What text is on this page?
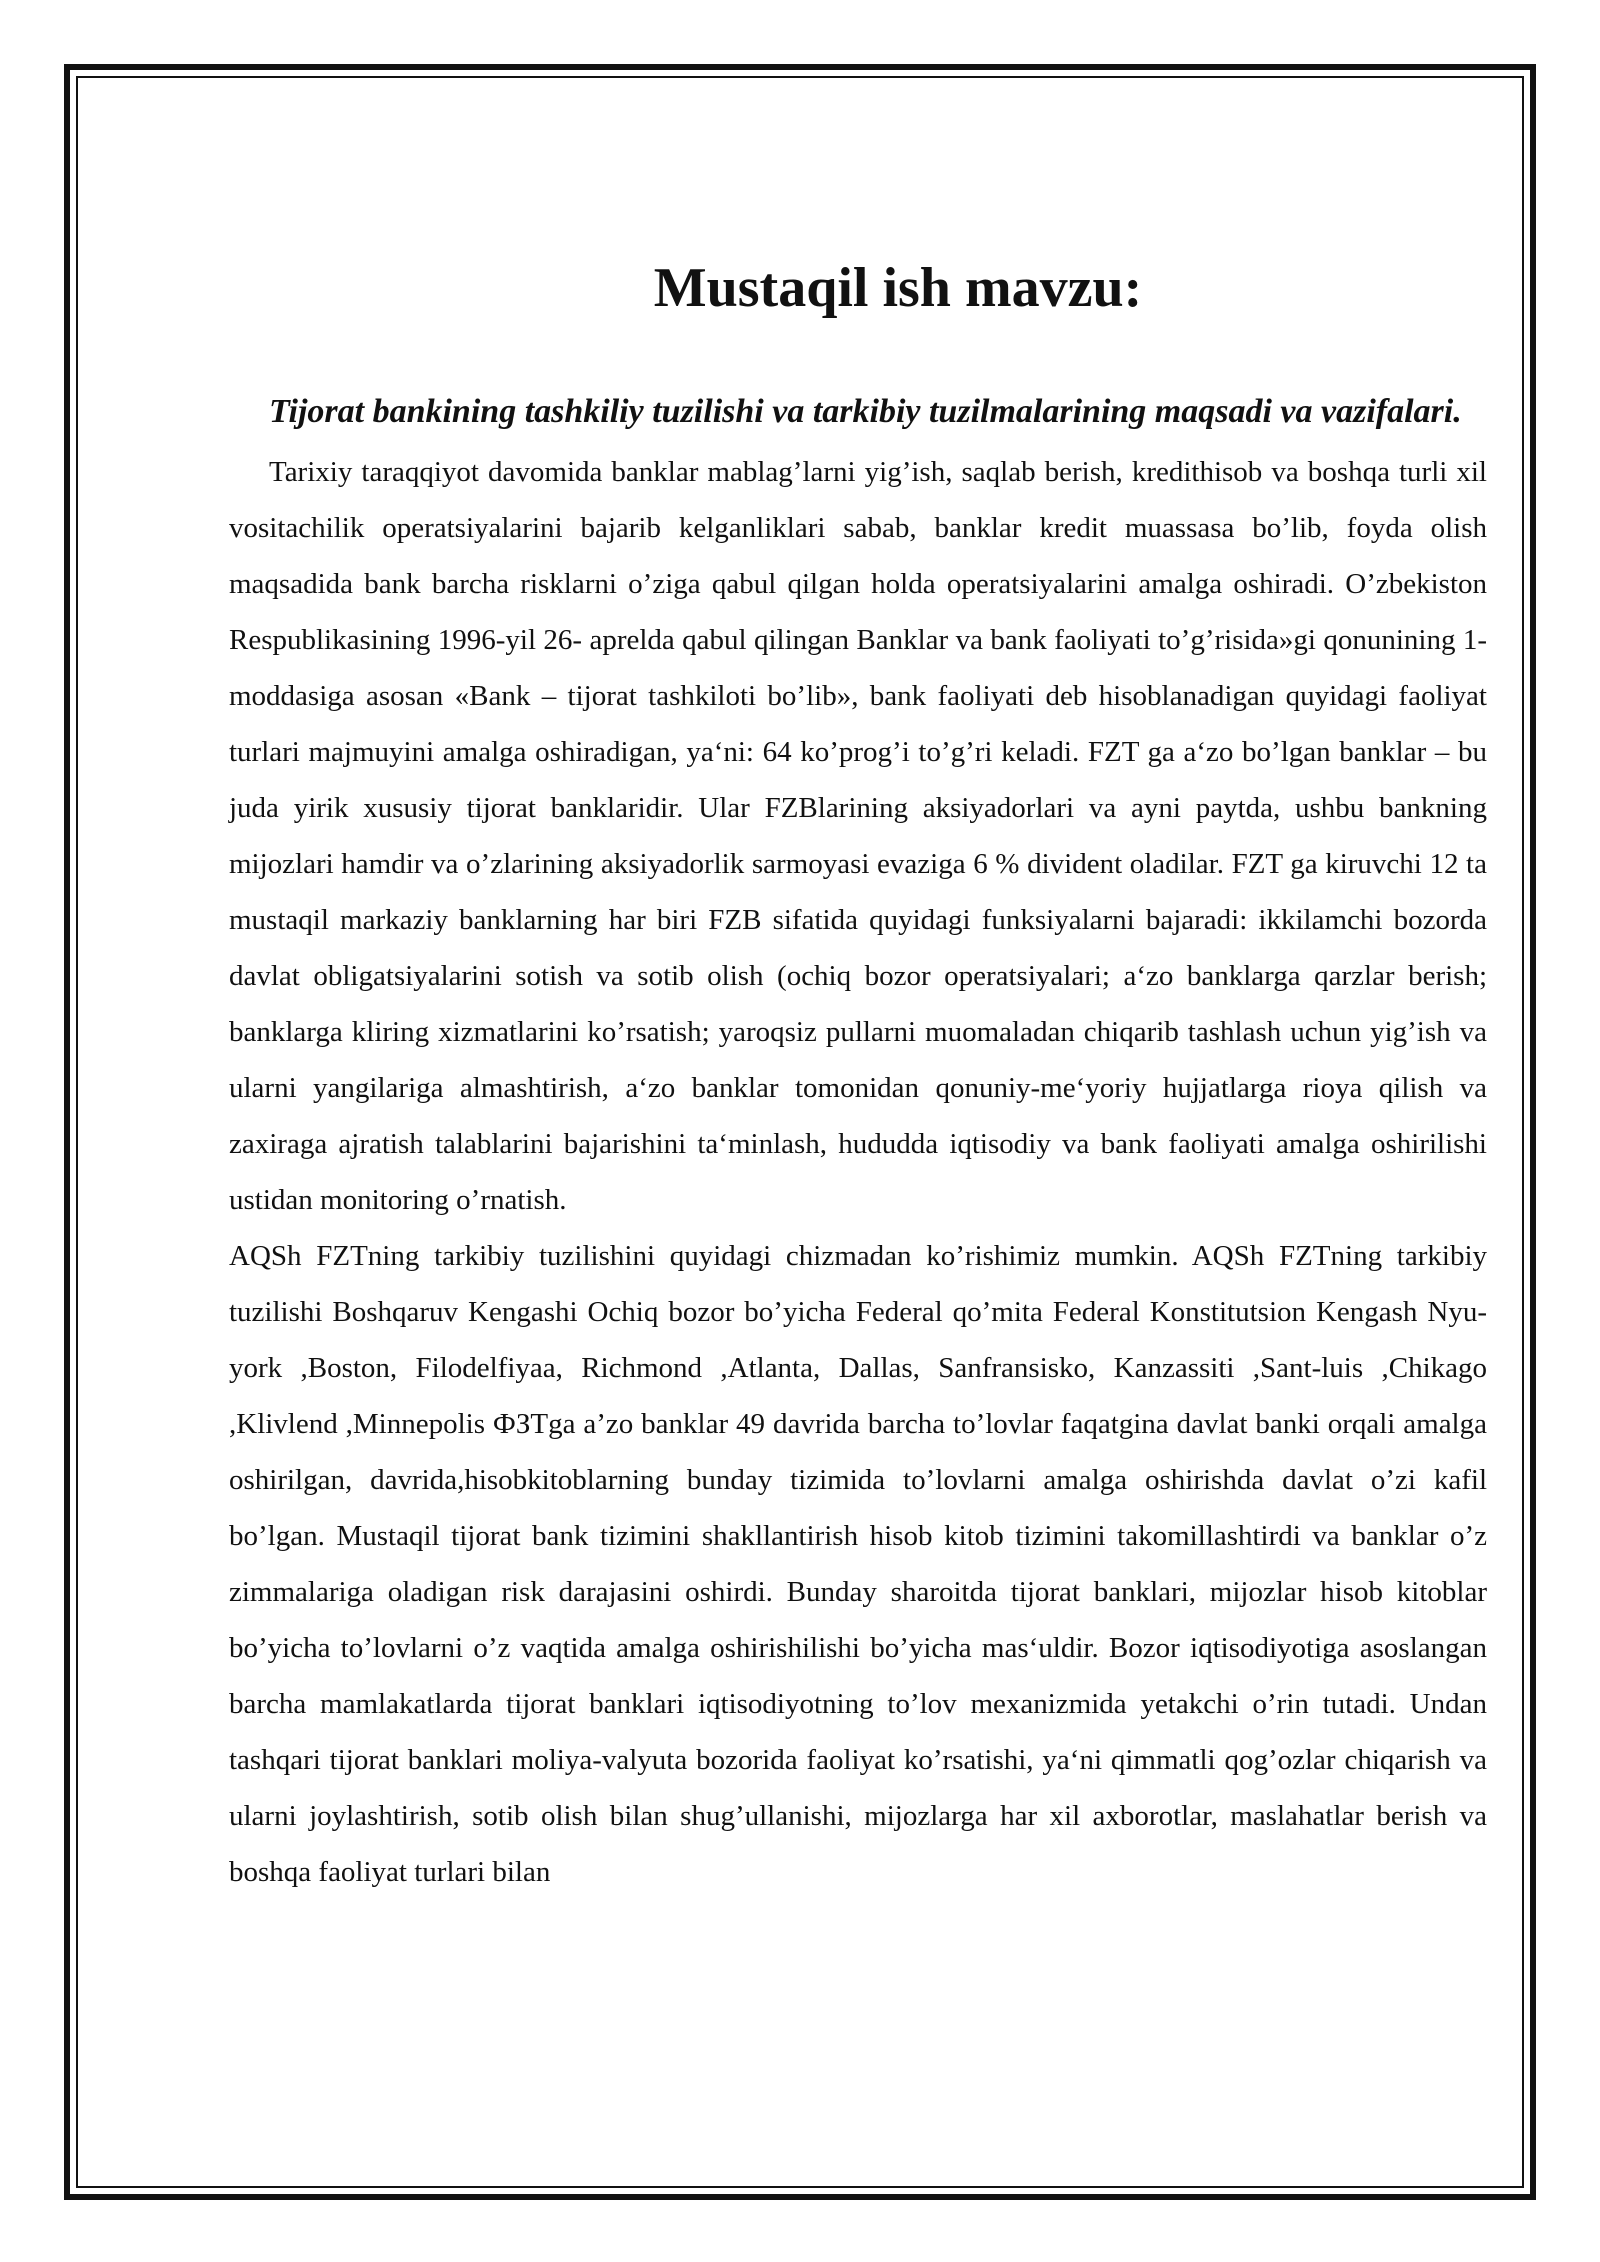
Mustaqil ish mavzu:

Tijorat bankining tashkiliy tuzilishi va tarkibiy tuzilmalarining maqsadi va vazifalari.

Tarixiy taraqqiyot davomida banklar mablag’larni yig’ish, saqlab berish, kredithisob va boshqa turli xil vositachilik operatsiyalarini bajarib kelganliklari sabab, banklar kredit muassasa bo’lib, foyda olish maqsadida bank barcha risklarni o’ziga qabul qilgan holda operatsiyalarini amalga oshiradi. O’zbekiston Respublikasining 1996-yil 26- aprelda qabul qilingan Banklar va bank faoliyati to’g’risida»gi qonunining 1-moddasiga asosan «Bank – tijorat tashkiloti bo’lib», bank faoliyati deb hisoblanadigan quyidagi faoliyat turlari majmuyini amalga oshiradigan, ya‘ni: 64 ko’prog’i to’g’ri keladi. FZT ga a‘zo bo’lgan banklar – bu juda yirik xususiy tijorat banklaridir. Ular FZBlarining aksiyadorlari va ayni paytda, ushbu bankning mijozlari hamdir va o’zlarining aksiyadorlik sarmoyasi evaziga 6 % divident oladilar. FZT ga kiruvchi 12 ta mustaqil markaziy banklarning har biri FZB sifatida quyidagi funksiyalarni bajaradi: ikkilamchi bozorda davlat obligatsiyalarini sotish va sotib olish (ochiq bozor operatsiyalari; a‘zo banklarga qarzlar berish; banklarga kliring xizmatlarini ko’rsatish; yaroqsiz pullarni muomaladan chiqarib tashlash uchun yig’ish va ularni yangilariga almashtirish, a‘zo banklar tomonidan qonuniy-me‘yoriy hujjatlarga rioya qilish va zaxiraga ajratish talablarini bajarishini ta‘minlash, hududda iqtisodiy va bank faoliyati amalga oshirilishi ustidan monitoring o’rnatish.

AQSh FZTning tarkibiy tuzilishini quyidagi chizmadan ko’rishimiz mumkin. AQSh FZTning tarkibiy tuzilishi Boshqaruv Kengashi Ochiq bozor bo’yicha Federal qo’mita Federal Konstitutsion Kengash Nyu-york ,Boston, Filodelfiyaa, Richmond ,Atlanta, Dallas, Sanfransisko, Kanzassiti ,Sant-luis ,Chikago ,Klivlend ,Minnepolis ФЗТga a’zo banklar 49 davrida barcha to’lovlar faqatgina davlat banki orqali amalga oshirilgan, davrida,hisobkitoblarning bunday tizimida to’lovlarni amalga oshirishda davlat o’zi kafil bo’lgan. Mustaqil tijorat bank tizimini shakllantirish hisob kitob tizimini takomillashtirdi va banklar o’z zimmalariga oladigan risk darajasini oshirdi. Bunday sharoitda tijorat banklari, mijozlar hisob kitoblar bo’yicha to’lovlarni o’z vaqtida amalga oshirishilishi bo’yicha mas‘uldir. Bozor iqtisodiyotiga asoslangan barcha mamlakatlarda tijorat banklari iqtisodiyotning to’lov mexanizmida yetakchi o’rin tutadi. Undan tashqari tijorat banklari moliya-valyuta bozorida faoliyat ko’rsatishi, ya‘ni qimmatli qog’ozlar chiqarish va ularni joylashtirish, sotib olish bilan shug’ullanishi, mijozlarga har xil axborotlar, maslahatlar berish va boshqa faoliyat turlari bilan
